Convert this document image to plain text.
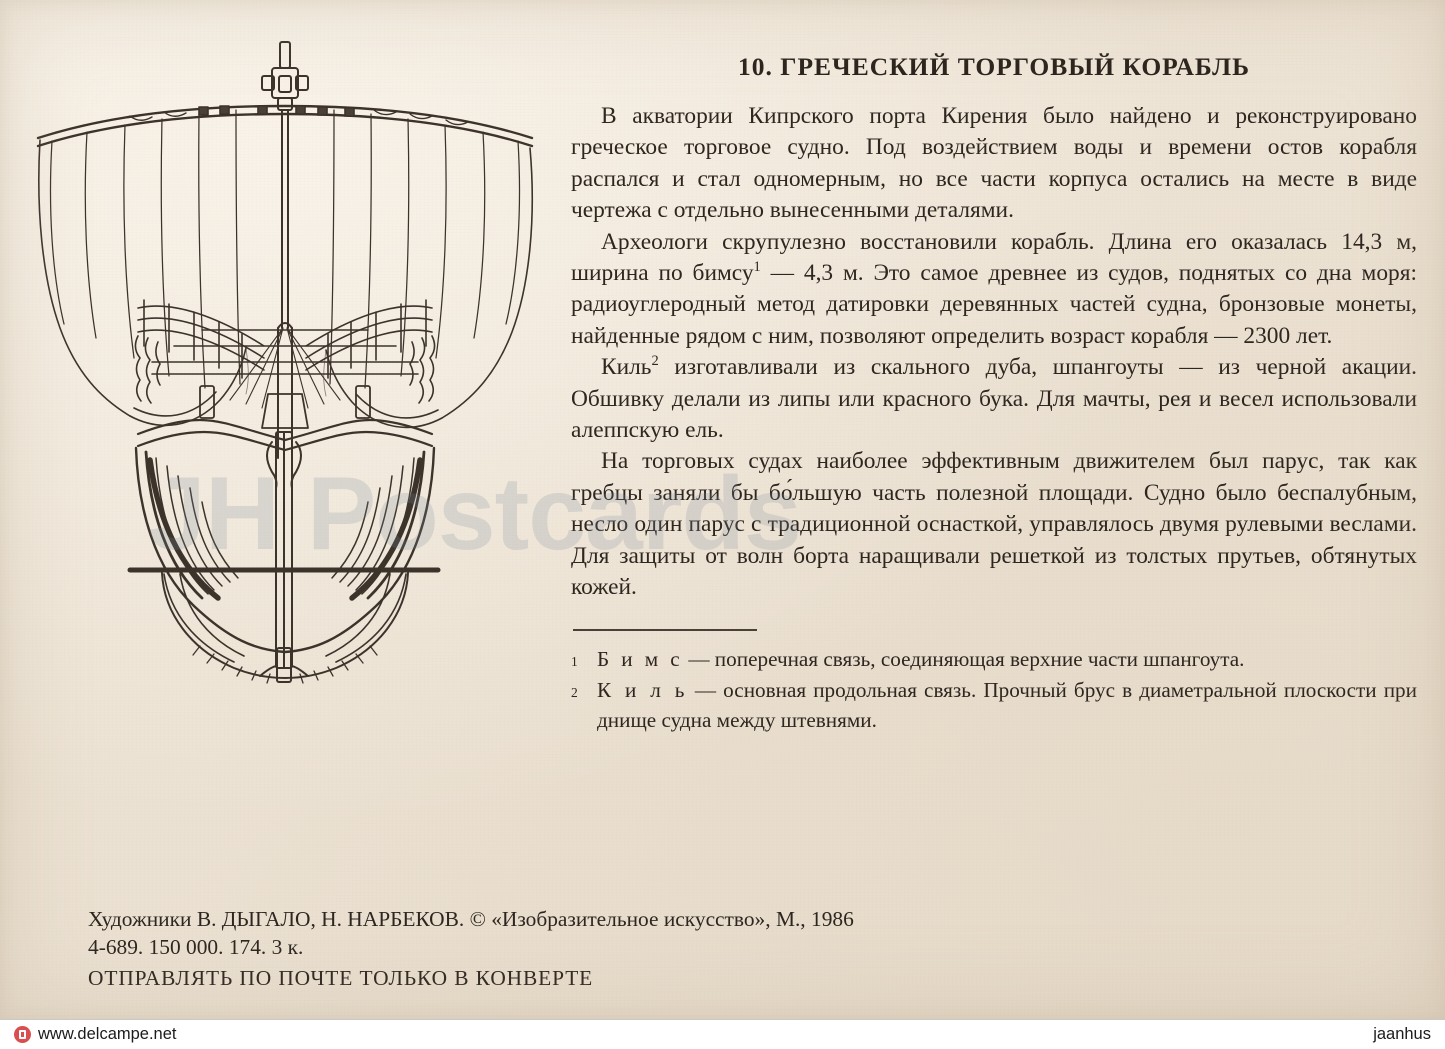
10. ГРЕЧЕСКИЙ ТОРГОВЫЙ КОРАБЛЬ

В акватории Кипрского порта Кирения было найдено и реконструировано греческое торговое судно. Под воздействием воды и времени остов корабля распался и стал одномерным, но все части корпуса остались на месте в виде чертежа с отдельно вынесенными деталями.

Археологи скрупулезно восстановили корабль. Длина его оказалась 14,3 м, ширина по бимсу$^1$ — 4,3 м. Это самое древнее из судов, поднятых со дна моря: радиоуглеродный метод датировки деревянных частей судна, бронзовые монеты, найденные рядом с ним, позволяют определить возраст корабля — 2300 лет.

Киль$^2$ изготавливали из скального дуба, шпангоуты — из черной акации. Обшивку делали из липы или красного бука. Для мачты, рея и весел использовали алеппскую ель.

На торговых судах наиболее эффективным движителем был парус, так как гребцы заняли бы бо́льшую часть полезной площади. Судно было беспалубным, несло один парус с традиционной оснасткой, управлялось двумя рулевыми веслами. Для защиты от волн борта наращивали решеткой из толстых прутьев, обтянутых кожей.

1 Б и м с — поперечная связь, соединяющая верхние части шпангоута.
2 К и л ь — основная продольная связь. Прочный брус в диаметральной плоскости при днище судна между штевнями.
Художники В. ДЫГАЛО, Н. НАРБЕКОВ. © «Изобразительное искусство», М., 1986
4-689. 150 000. 174. 3 к.
ОТПРАВЛЯТЬ ПО ПОЧТЕ ТОЛЬКО В КОНВЕРТЕ
JH Postcards
www.delcampe.net	jaanhus
